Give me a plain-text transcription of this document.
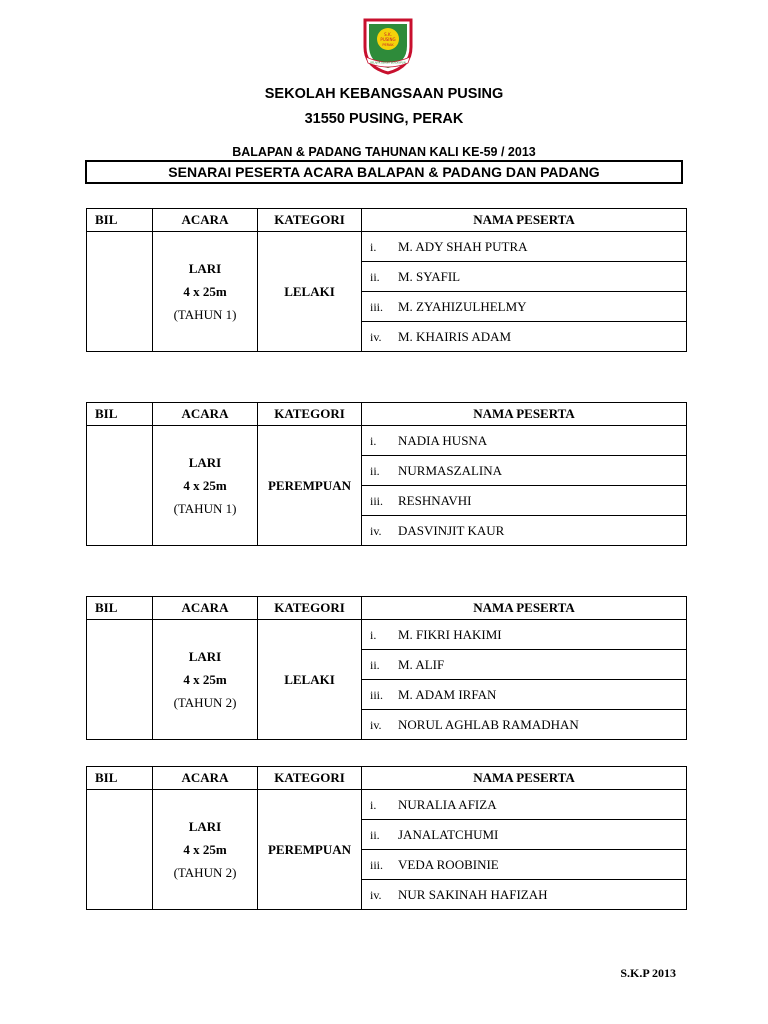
S.K.
PUSING
PERAK
BELAJAR BERSIH BERDISIPLIN
SEKOLAH KEBANGSAAN PUSING
31550 PUSING, PERAK
BALAPAN & PADANG TAHUNAN KALI KE-59 / 2013
SENARAI PESERTA ACARA BALAPAN & PADANG DAN PADANG
BIL	ACARA	KATEGORI	NAMA PESERTA

	LARI
4 x 25m
(TAHUN 1)	LELAKI	i. M. ADY SHAH PUTRA
			ii. M. SYAFIL
			iii. M. ZYAHIZULHELMY
			iv. M. KHAIRIS ADAM
BIL	ACARA	KATEGORI	NAMA PESERTA

	LARI
4 x 25m
(TAHUN 1)	PEREMPUAN	i. NADIA HUSNA
			ii. NURMASZALINA
			iii. RESHNAVHI
			iv. DASVINJIT KAUR
BIL	ACARA	KATEGORI	NAMA PESERTA

	LARI
4 x 25m
(TAHUN 2)	LELAKI	i. M. FIKRI HAKIMI
			ii. M. ALIF
			iii. M. ADAM IRFAN
			iv. NORUL AGHLAB RAMADHAN
BIL	ACARA	KATEGORI	NAMA PESERTA

	LARI
4 x 25m
(TAHUN 2)	PEREMPUAN	i. NURALIA AFIZA
			ii. JANALATCHUMI
			iii. VEDA ROOBINIE
			iv. NUR SAKINAH HAFIZAH
S.K.P 2013
